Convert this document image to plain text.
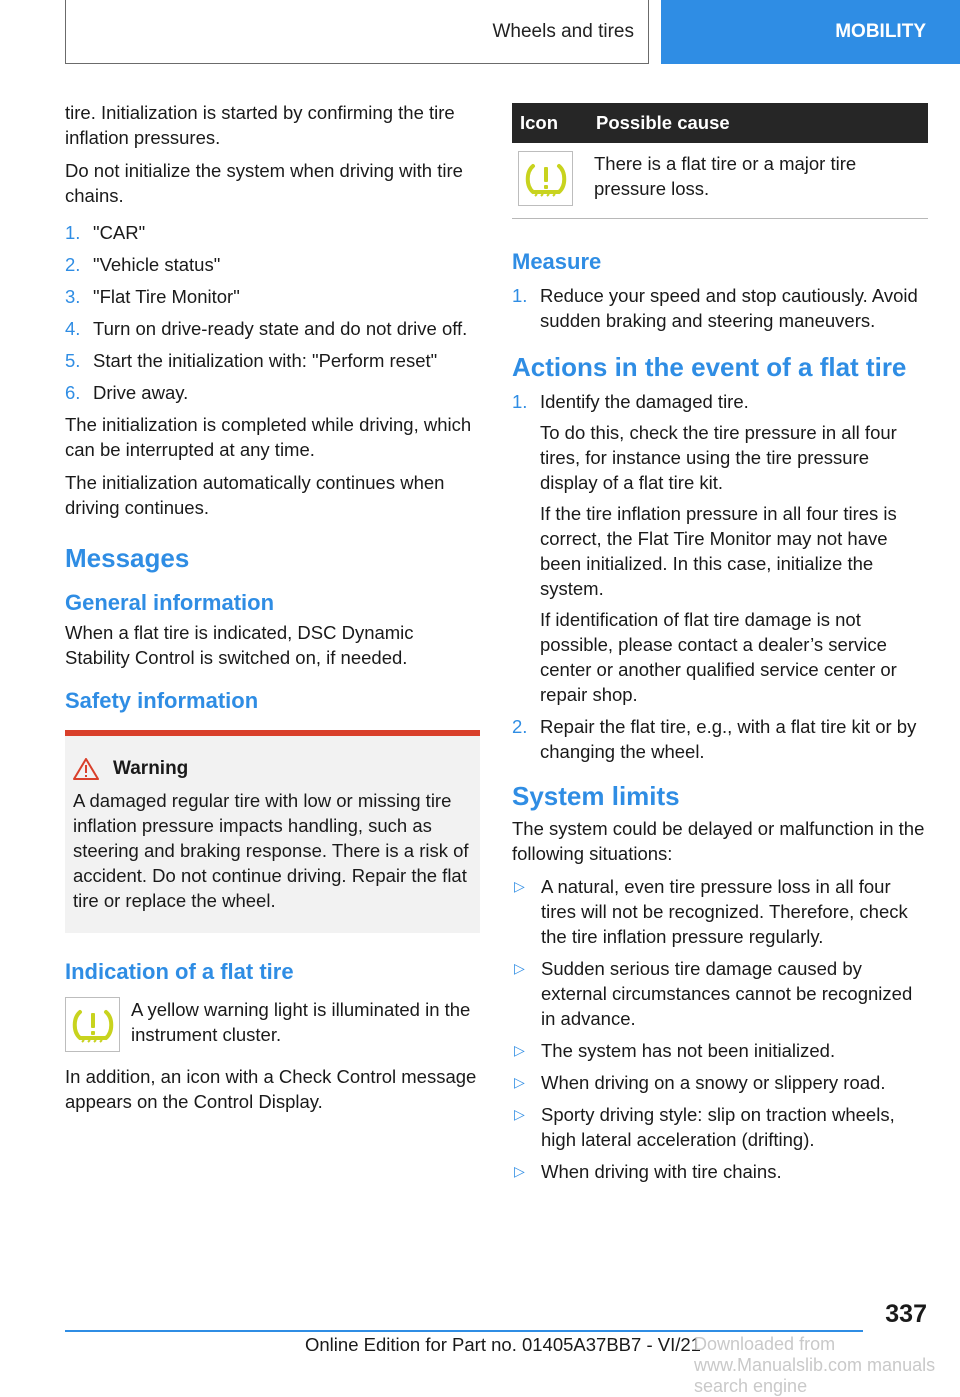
Wheels and tires	MOBILITY

tire. Initialization is started by confirming the tire inflation pressures.

Do not initialize the system when driving with tire chains.

1. "CAR"
2. "Vehicle status"
3. "Flat Tire Monitor"
4. Turn on drive-ready state and do not drive off.
5. Start the initialization with: "Perform reset"
6. Drive away.

The initialization is completed while driving, which can be interrupted at any time.

The initialization automatically continues when driving continues.

Messages
General information

When a flat tire is indicated, DSC Dynamic Stability Control is switched on, if needed.

Safety information
Warning

A damaged regular tire with low or missing tire inflation pressure impacts handling, such as steering and braking response. There is a risk of accident. Do not continue driving. Repair the flat tire or replace the wheel.

Indication of a flat tire

A yellow warning light is illuminated in the instrument cluster.

In addition, an icon with a Check Control message appears on the Control Display.

Icon	Possible cause

	There is a flat tire or a major tire pressure loss.
Measure
1. Reduce your speed and stop cautiously. Avoid sudden braking and steering maneuvers.
Actions in the event of a flat tire
1. Identify the damaged tire.

To do this, check the tire pressure in all four tires, for instance using the tire pressure display of a flat tire kit.

If the tire inflation pressure in all four tires is correct, the Flat Tire Monitor may not have been initialized. In this case, initialize the system.

If identification of flat tire damage is not possible, please contact a dealer’s service center or another qualified service center or repair shop.

2. Repair the flat tire, e.g., with a flat tire kit or by changing the wheel.
System limits

The system could be delayed or malfunction in the following situations:

▷ A natural, even tire pressure loss in all four tires will not be recognized. Therefore, check the tire inflation pressure regularly.
▷ Sudden serious tire damage caused by external circumstances cannot be recognized in advance.
▷ The system has not been initialized.
▷ When driving on a snowy or slippery road.
▷ Sporty driving style: slip on traction wheels, high lateral acceleration (drifting).
▷ When driving with tire chains.
337
Online Edition for Part no. 01405A37BB7 - VI/21
Downloaded from www.Manualslib.com manuals search engine
